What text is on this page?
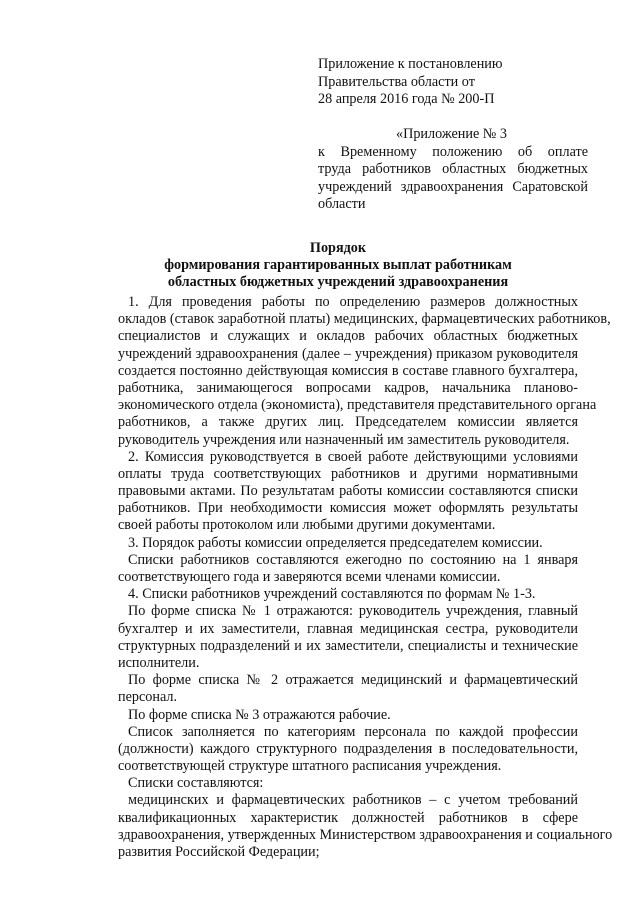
Приложение к постановлению
Правительства области от
28 апреля 2016 года № 200-П
«Приложение № 3
к Временному положению об оплате
труда работников областных бюджетных
учреждений здравоохранения Саратовской
области
Порядок
формирования гарантированных выплат работникам
областных бюджетных учреждений здравоохранения
1. Для проведения работы по определению размеров должностных
окладов (ставок заработной платы) медицинских, фармацевтических работников,
специалистов и служащих и окладов рабочих областных бюджетных
учреждений здравоохранения (далее – учреждения) приказом руководителя
создается постоянно действующая комиссия в составе главного бухгалтера,
работника, занимающегося вопросами кадров, начальника планово-
экономического отдела (экономиста), представителя представительного органа
работников, а также других лиц. Председателем комиссии является
руководитель учреждения или назначенный им заместитель руководителя.
2. Комиссия руководствуется в своей работе действующими условиями
оплаты труда соответствующих работников и другими нормативными
правовыми актами. По результатам работы комиссии составляются списки
работников. При необходимости комиссия может оформлять результаты
своей работы протоколом или любыми другими документами.
3. Порядок работы комиссии определяется председателем комиссии.
Списки работников составляются ежегодно по состоянию на 1 января
соответствующего года и заверяются всеми членами комиссии.
4. Списки работников учреждений составляются по формам № 1-3.
По форме списка № 1 отражаются: руководитель учреждения, главный
бухгалтер и их заместители, главная медицинская сестра, руководители
структурных подразделений и их заместители, специалисты и технические
исполнители.
По форме списка № 2 отражается медицинский и фармацевтический
персонал.
По форме списка № 3 отражаются рабочие.
Список заполняется по категориям персонала по каждой профессии
(должности) каждого структурного подразделения в последовательности,
соответствующей структуре штатного расписания учреждения.
Списки составляются:
медицинских и фармацевтических работников – с учетом требований
квалификационных характеристик должностей работников в сфере
здравоохранения, утвержденных Министерством здравоохранения и социального
развития Российской Федерации;
